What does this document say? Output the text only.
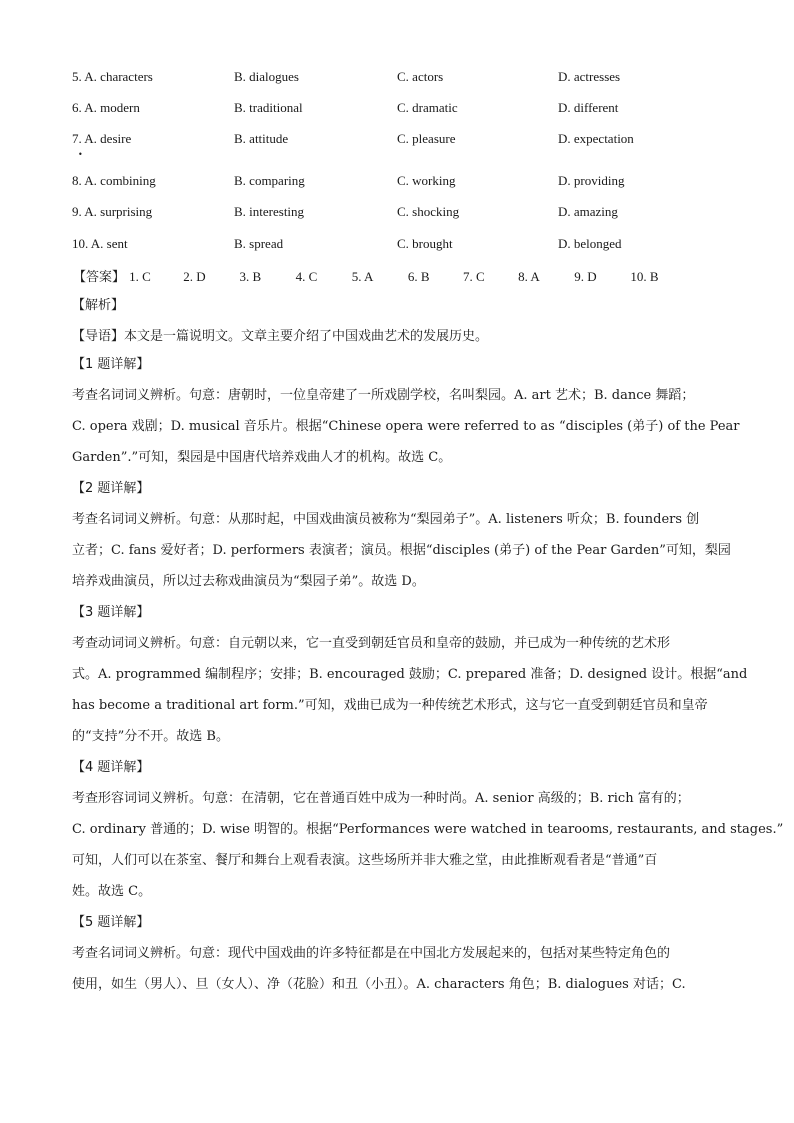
5. A. characters	B. dialogues	C. actors	D. actresses
6. A. modern	B. traditional	C. dramatic	D. different
7. A. desire	B. attitude	C. pleasure	D. expectation
•
8. A. combining	B. comparing	C. working	D. providing
9. A. surprising	B. interesting	C. shocking	D. amazing
10. A. sent	B. spread	C. brought	D. belonged
【答案】 1. C 2. D	3. B	4. C	5. A	6. B	7. C	8. A	9. D	10. B
【解析】
【导语】本文是一篇说明文。文章主要介绍了中国戏曲艺术的发展历史。
【1 题详解】
考查名词词义辨析。句意：唐朝时，一位皇帝建了一所戏剧学校，名叫梨园。A. art 艺术；B. dance 舞蹈；
C. opera 戏剧；D. musical 音乐片。根据“Chinese opera were referred to as “disciples (弟子) of the Pear
Garden”.”可知，梨园是中国唐代培养戏曲人才的机构。故选 C。
【2 题详解】
考查名词词义辨析。句意：从那时起，中国戏曲演员被称为“梨园弟子”。A. listeners 听众；B. founders 创
立者；C. fans 爱好者；D. performers 表演者；演员。根据“disciples (弟子) of the Pear Garden”可知，梨园
培养戏曲演员，所以过去称戏曲演员为“梨园子弟”。故选 D。
【3 题详解】
考查动词词义辨析。句意：自元朝以来，它一直受到朝廷官员和皇帝的鼓励，并已成为一种传统的艺术形
式。A. programmed 编制程序；安排；B. encouraged 鼓励；C. prepared 准备；D. designed 设计。根据“and
has become a traditional art form.”可知，戏曲已成为一种传统艺术形式，这与它一直受到朝廷官员和皇帝
的“支持”分不开。故选 B。
【4 题详解】
考查形容词词义辨析。句意：在清朝，它在普通百姓中成为一种时尚。A. senior 高级的；B. rich 富有的；
C. ordinary 普通的；D. wise 明智的。根据“Performances were watched in tearooms, restaurants, and stages.”
可知，人们可以在茶室、餐厅和舞台上观看表演。这些场所并非大雅之堂，由此推断观看者是“普通”百
姓。故选 C。
【5 题详解】
考查名词词义辨析。句意：现代中国戏曲的许多特征都是在中国北方发展起来的，包括对某些特定角色的
使用，如生（男人）、旦（女人）、净（花脸）和丑（小丑）。A. characters 角色；B. dialogues 对话；C.
